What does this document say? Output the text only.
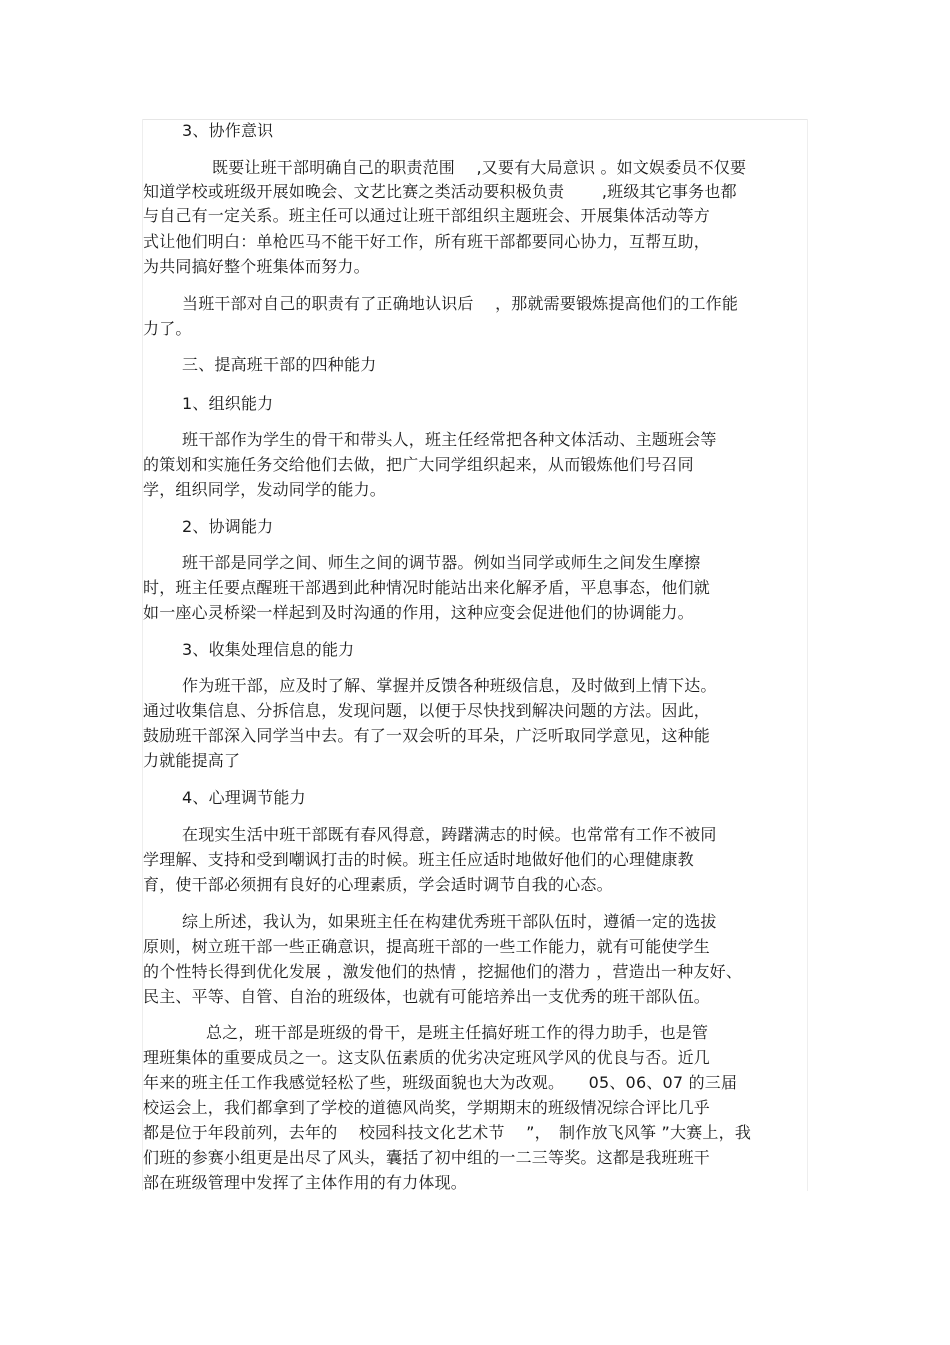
3、协作意识
既要让班干部明确自己的职责范围　 ,又要有大局意识 。如文娱委员不仅要
知道学校或班级开展如晚会、文艺比赛之类活动要积极负责　　 ,班级其它事务也都
与自己有一定关系。班主任可以通过让班干部组织主题班会、开展集体活动等方
式让他们明白：单枪匹马不能干好工作，所有班干部都要同心协力，互帮互助，
为共同搞好整个班集体而努力。
当班干部对自己的职责有了正确地认识后　 ，那就需要锻炼提高他们的工作能
力了。
三、提高班干部的四种能力
1、组织能力
班干部作为学生的骨干和带头人，班主任经常把各种文体活动、主题班会等
的策划和实施任务交给他们去做，把广大同学组织起来，从而锻炼他们号召同
学，组织同学，发动同学的能力。
2、协调能力
班干部是同学之间、师生之间的调节器。例如当同学或师生之间发生摩擦
时，班主任要点醒班干部遇到此种情况时能站出来化解矛盾，平息事态，他们就
如一座心灵桥梁一样起到及时沟通的作用，这种应变会促进他们的协调能力。
3、收集处理信息的能力
作为班干部，应及时了解、掌握并反馈各种班级信息，及时做到上情下达。
通过收集信息、分拆信息，发现问题，以便于尽快找到解决问题的方法。因此，
鼓励班干部深入同学当中去。有了一双会听的耳朵，广泛听取同学意见，这种能
力就能提高了
4、心理调节能力
在现实生活中班干部既有春风得意，踌躇满志的时候。也常常有工作不被同
学理解、支持和受到嘲讽打击的时候。班主任应适时地做好他们的心理健康教
育，使干部必须拥有良好的心理素质，学会适时调节自我的心态。
综上所述，我认为，如果班主任在构建优秀班干部队伍时，遵循一定的选拔
原则，树立班干部一些正确意识，提高班干部的一些工作能力，就有可能使学生
的个性特长得到优化发展 ，激发他们的热情 ，挖掘他们的潜力 ，营造出一种友好、
民主、平等、自管、自治的班级体，也就有可能培养出一支优秀的班干部队伍。
总之，班干部是班级的骨干，是班主任搞好班工作的得力助手，也是管
理班集体的重要成员之一。这支队伍素质的优劣决定班风学风的优良与否。近几
年来的班主任工作我感觉轻松了些，班级面貌也大为改观。　　05、06、07 的三届
校运会上，我们都拿到了学校的道德风尚奖，学期期末的班级情况综合评比几乎
都是位于年段前列，去年的　 校园科技文化艺术节　 ”，　制作放飞风筝 ”大赛上，我
们班的参赛小组更是出尽了风头，囊括了初中组的一二三等奖。这都是我班班干
部在班级管理中发挥了主体作用的有力体现。
